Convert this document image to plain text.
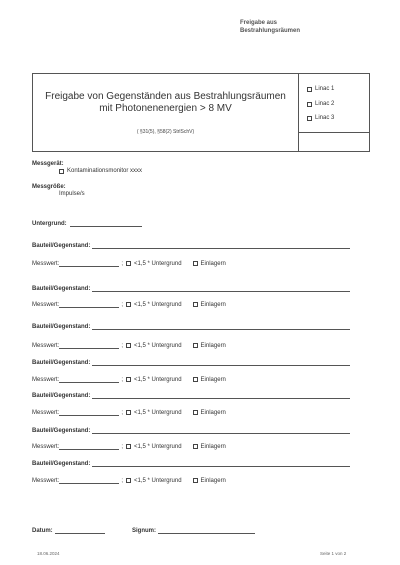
Freigabe aus
Bestrahlungsräumen
Freigabe von Gegenständen aus Bestrahlungsräumen
mit Photonenenergien > 8 MV
( §31(5), §58(2) StrlSchV)
Linac 1
Linac 2
Linac 3
Messgerät:
Kontaminationsmonitor xxxx
Messgröße:
Impulse/s
Untergrund:
Bauteil/Gegenstand:
Messwert:	; <1,5 * Untergrund	Einlagern
Bauteil/Gegenstand:
Messwert:	; <1,5 * Untergrund	Einlagern
Bauteil/Gegenstand:
Messwert:	; <1,5 * Untergrund	Einlagern
Bauteil/Gegenstand:
Messwert:	; <1,5 * Untergrund	Einlagern
Bauteil/Gegenstand:
Messwert:	; <1,5 * Untergrund	Einlagern
Bauteil/Gegenstand:
Messwert:	; <1,5 * Untergrund	Einlagern
Bauteil/Gegenstand:
Messwert:	; <1,5 * Untergrund	Einlagern
Datum:	Signum:
18.06.2024	Seite 1 von 2
